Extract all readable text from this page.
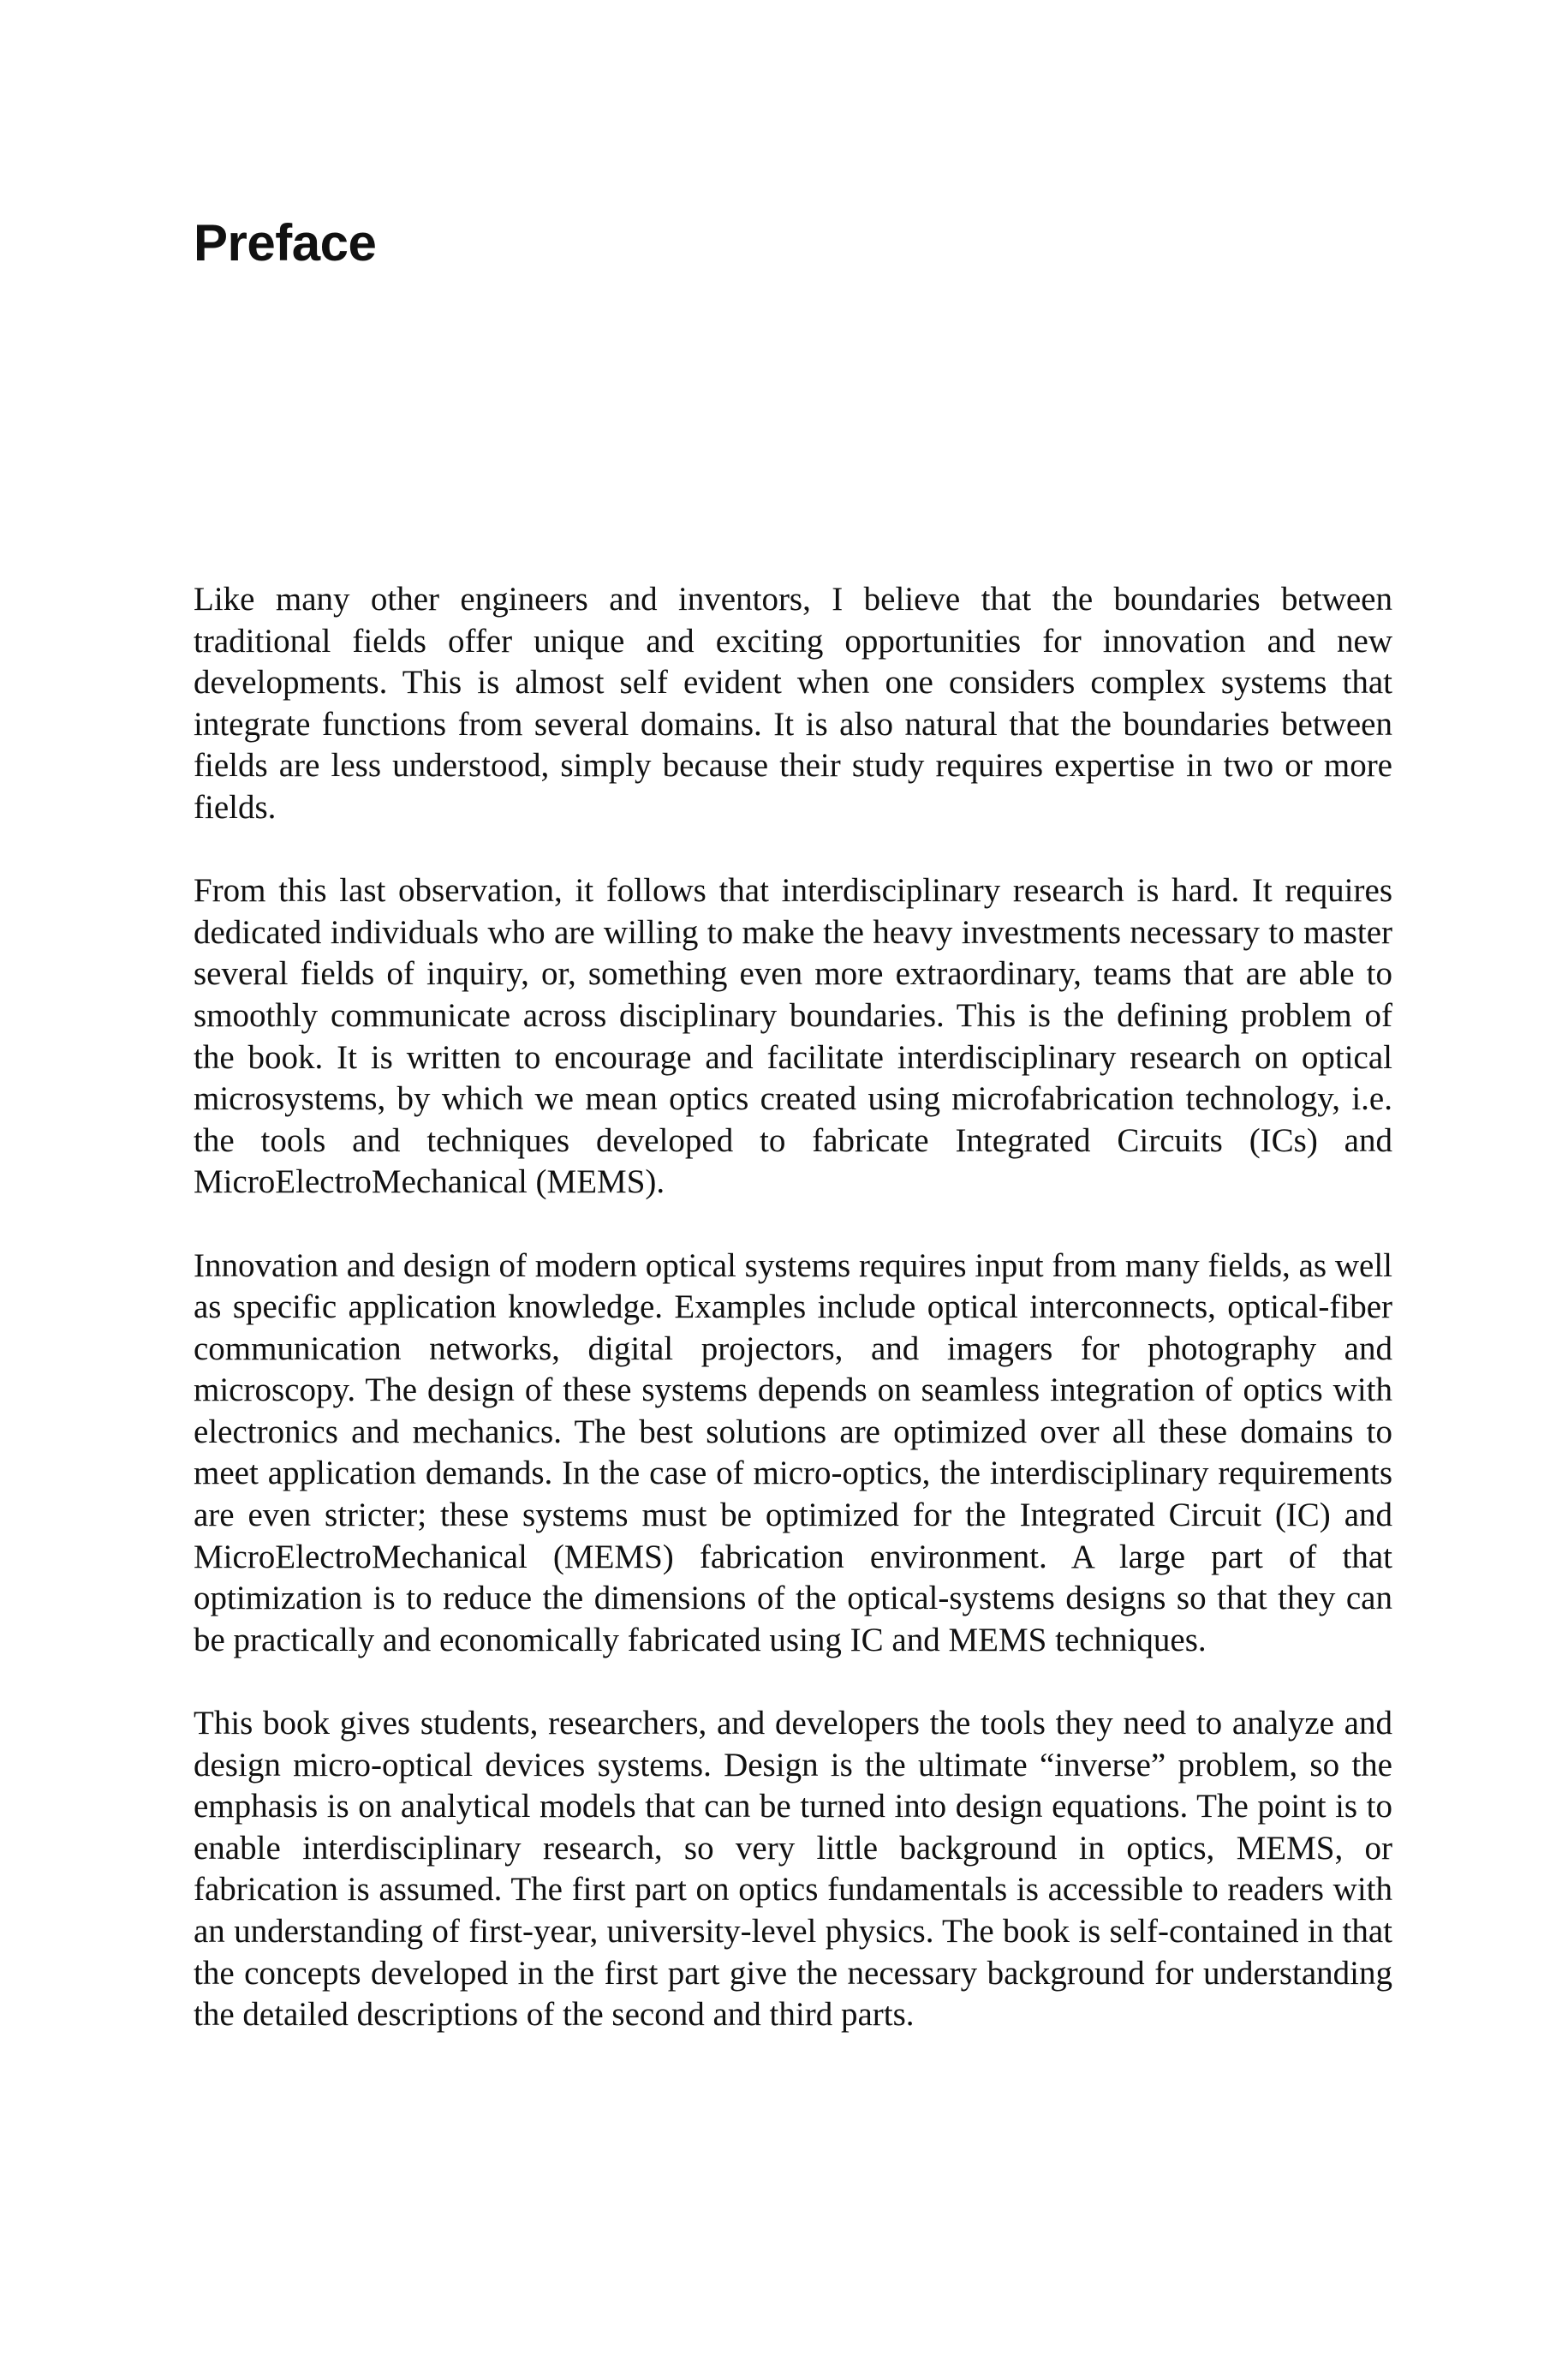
Preface

Like many other engineers and inventors, I believe that the boundaries between traditional fields offer unique and exciting opportunities for innovation and new developments. This is almost self evident when one considers complex systems that integrate functions from several domains. It is also natural that the boundaries between fields are less understood, simply because their study requires expertise in two or more fields.

From this last observation, it follows that interdisciplinary research is hard. It requires dedicated individuals who are willing to make the heavy investments necessary to master several fields of inquiry, or, something even more extraordinary, teams that are able to smoothly communicate across disciplinary boundaries. This is the defining problem of the book. It is written to encourage and facilitate interdisciplinary research on optical microsystems, by which we mean optics created using microfabrication technology, i.e. the tools and techniques developed to fabricate Integrated Circuits (ICs) and MicroElectroMechanical (MEMS).

Innovation and design of modern optical systems requires input from many fields, as well as specific application knowledge. Examples include optical interconnects, optical-fiber communication networks, digital projectors, and imagers for photography and microscopy. The design of these systems depends on seamless integration of optics with electronics and mechanics. The best solutions are optimized over all these domains to meet application demands. In the case of micro-optics, the interdisciplinary requirements are even stricter; these systems must be optimized for the Integrated Circuit (IC) and MicroElectroMechanical (MEMS) fabrication environment. A large part of that optimization is to reduce the dimensions of the optical-systems designs so that they can be practically and economically fabricated using IC and MEMS techniques.

This book gives students, researchers, and developers the tools they need to analyze and design micro-optical devices systems. Design is the ultimate “inverse” problem, so the emphasis is on analytical models that can be turned into design equations. The point is to enable interdisciplinary research, so very little background in optics, MEMS, or fabrication is assumed. The first part on optics fundamentals is accessible to readers with an understanding of first-year, university-level physics. The book is self-contained in that the concepts developed in the first part give the necessary background for understanding the detailed descriptions of the second and third parts.
